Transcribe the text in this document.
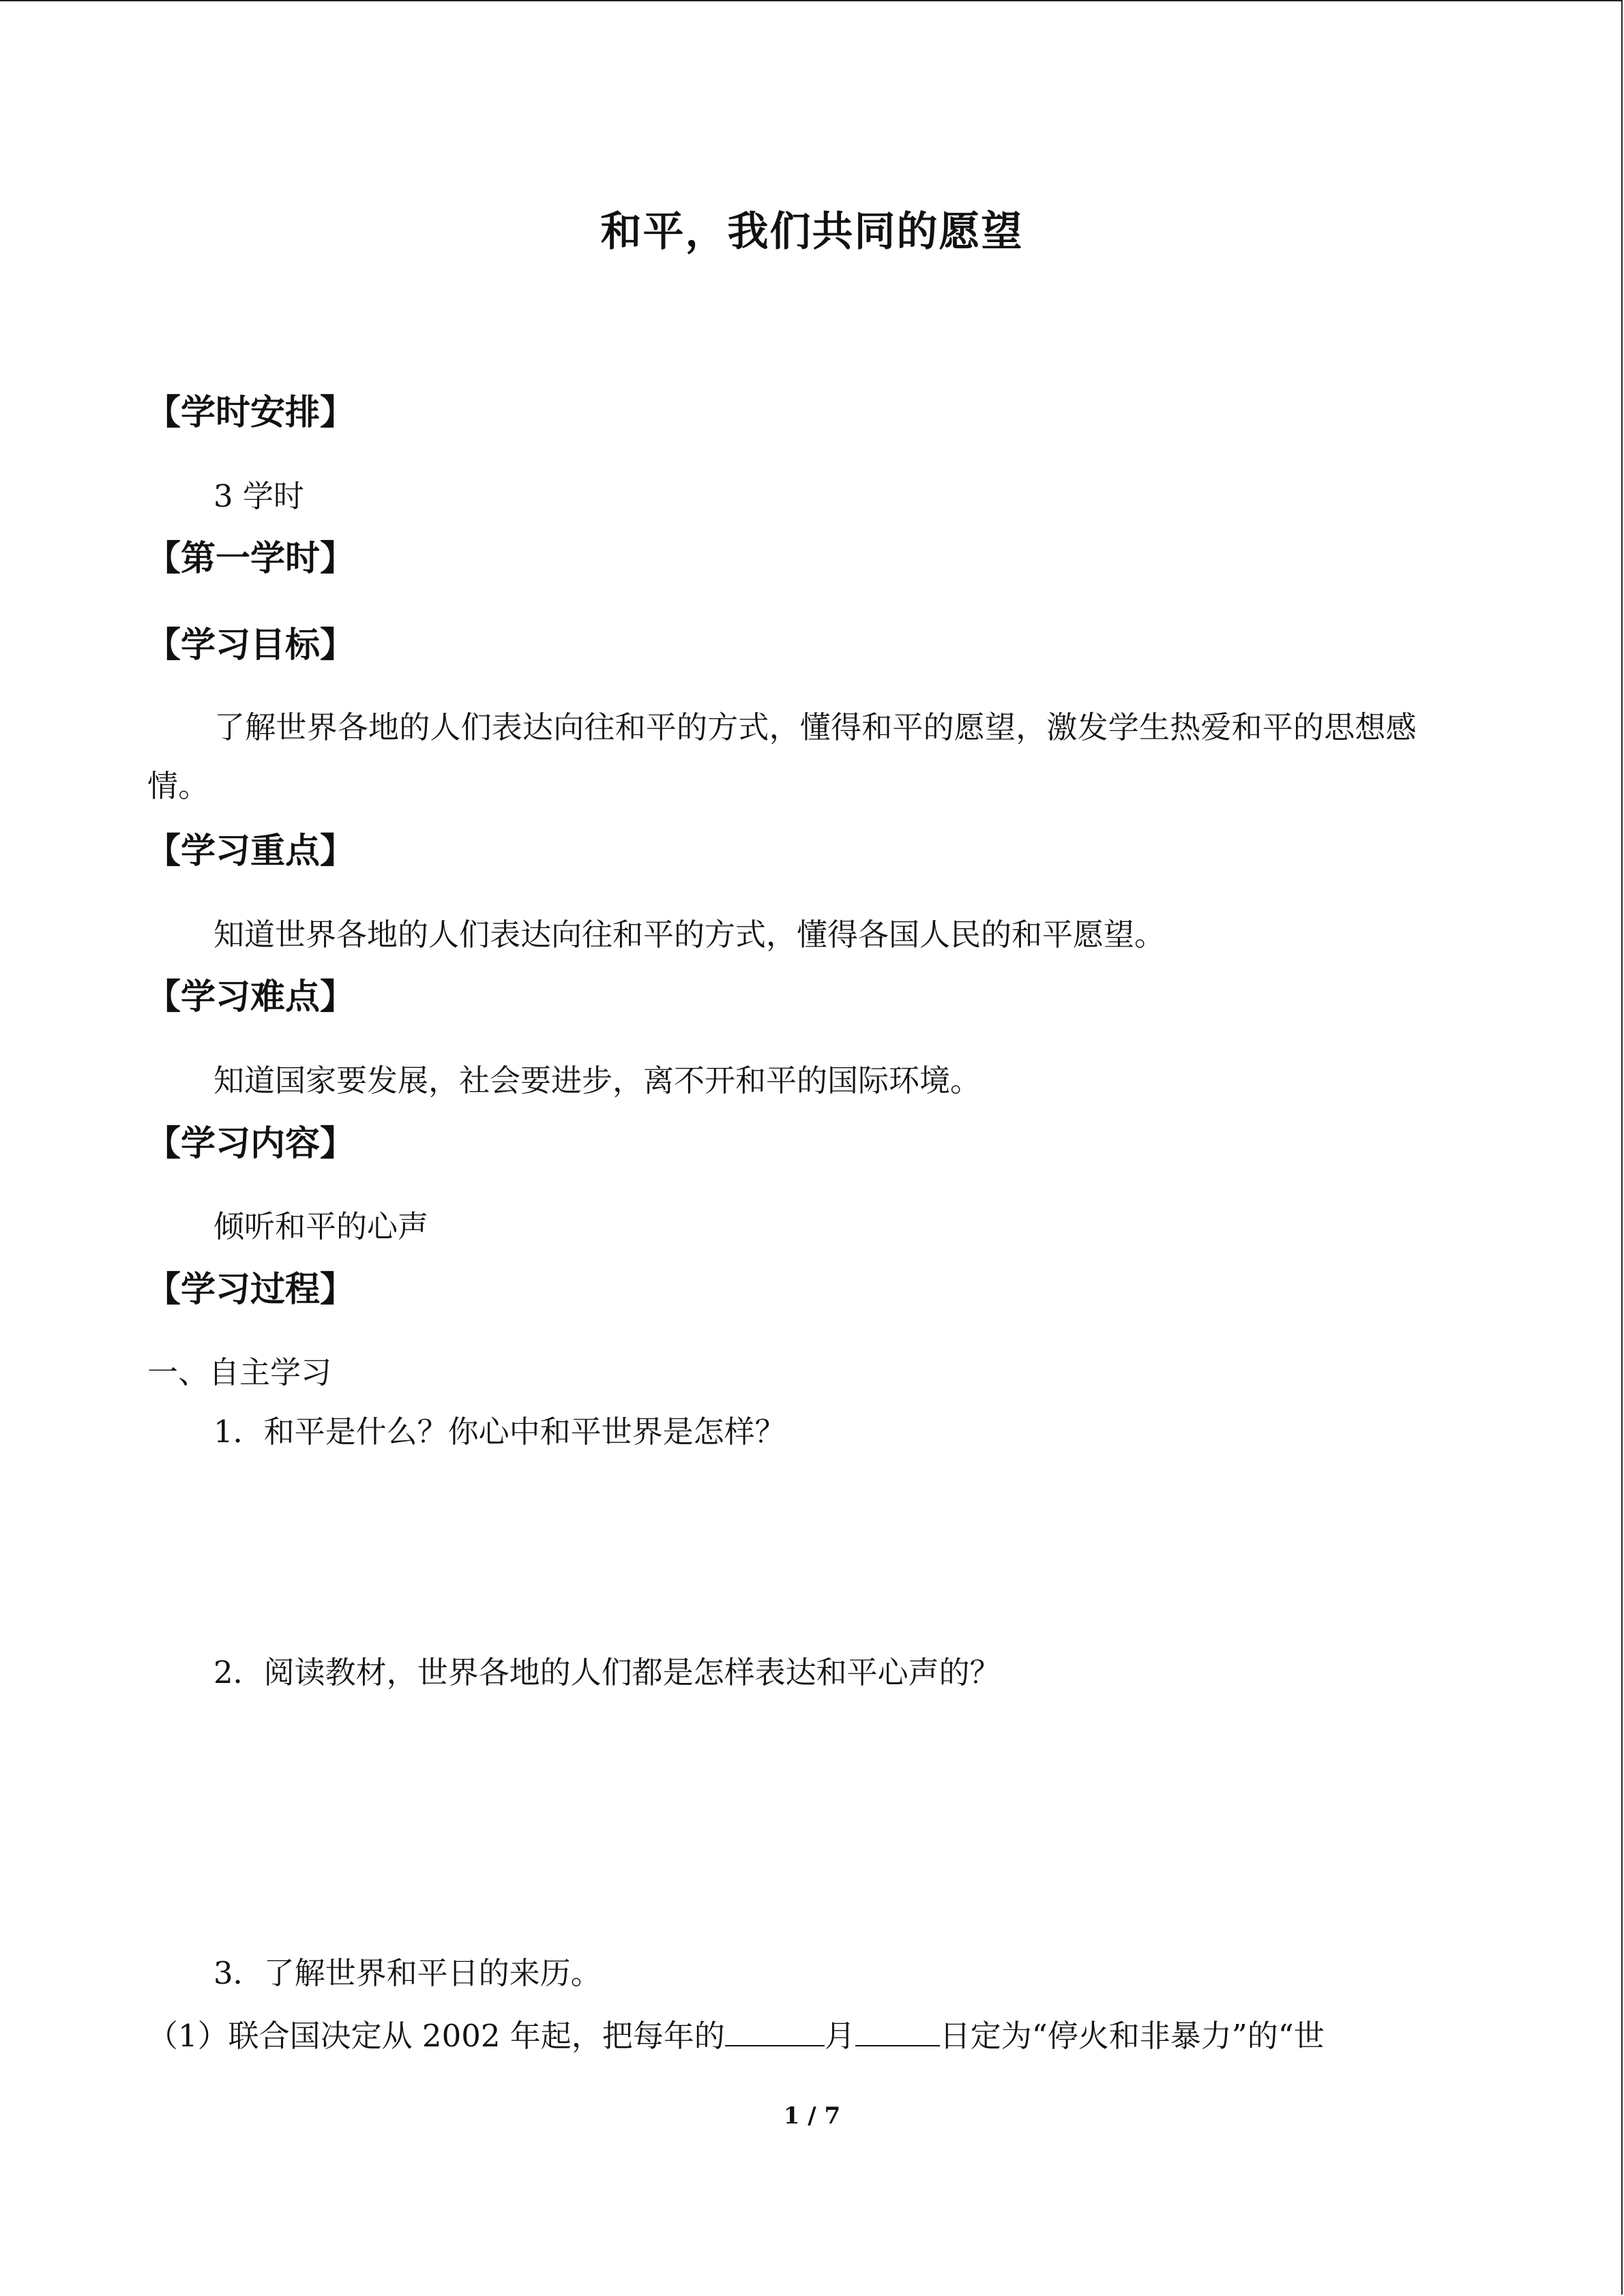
和平，我们共同的愿望
【学时安排】
3 学时
【第一学时】
【学习目标】
了解世界各地的人们表达向往和平的方式，懂得和平的愿望，激发学生热爱和平的思想感情。
【学习重点】
知道世界各地的人们表达向往和平的方式，懂得各国人民的和平愿望。
【学习难点】
知道国家要发展，社会要进步，离不开和平的国际环境。
【学习内容】
倾听和平的心声
【学习过程】
一、自主学习
1．和平是什么？你心中和平世界是怎样？
2．阅读教材，世界各地的人们都是怎样表达和平心声的？
3．了解世界和平日的来历。
（1）联合国决定从 2002 年起，把每年的	月	日定为“停火和非暴力”的“世
1 / 7
